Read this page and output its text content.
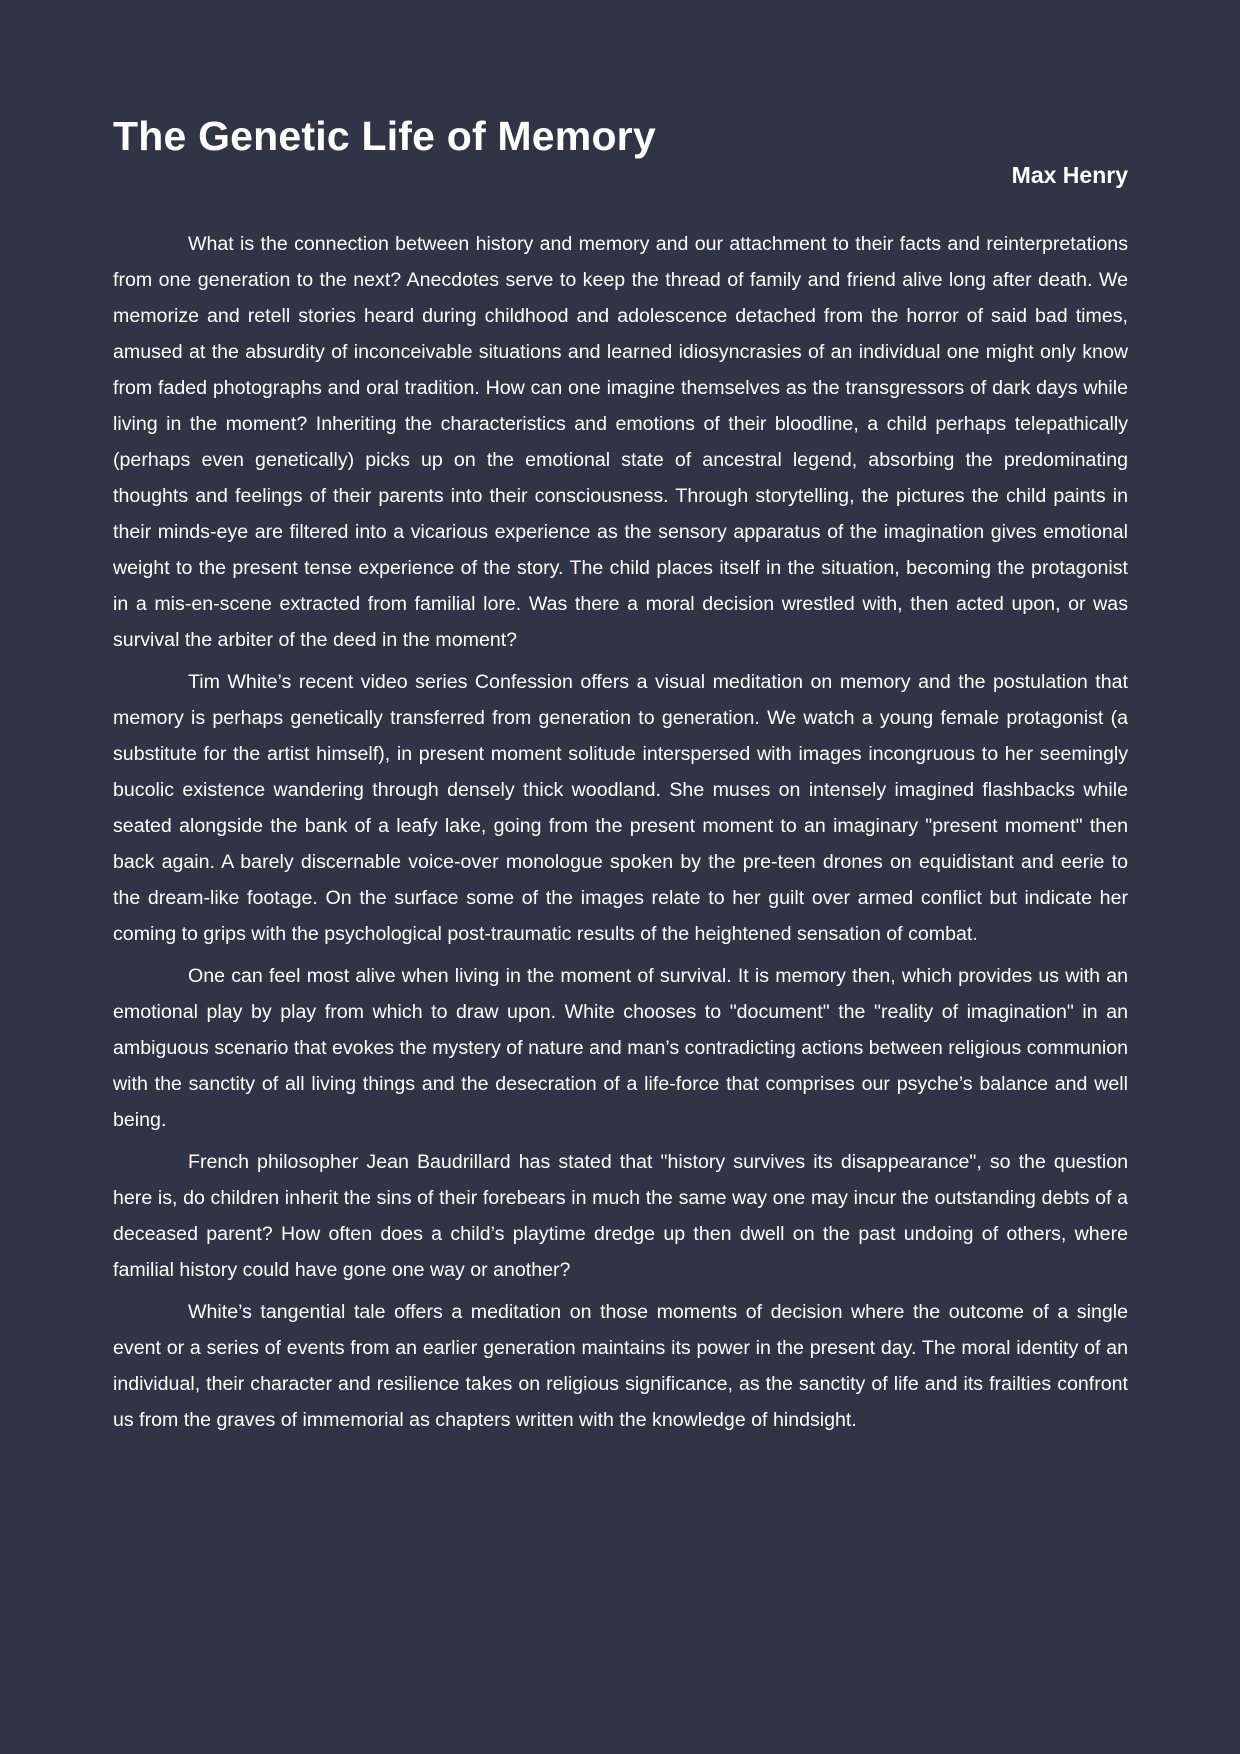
The Genetic Life of Memory
Max Henry

What is the connection between history and memory and our attachment to their facts and reinterpretations from one generation to the next? Anecdotes serve to keep the thread of family and friend alive long after death. We memorize and retell stories heard during childhood and adolescence detached from the horror of said bad times, amused at the absurdity of inconceivable situations and learned idiosyncrasies of an individual one might only know from faded photographs and oral tradition. How can one imagine themselves as the transgressors of dark days while living in the moment? Inheriting the characteristics and emotions of their bloodline, a child perhaps telepathically (perhaps even genetically) picks up on the emotional state of ancestral legend, absorbing the predominating thoughts and feelings of their parents into their consciousness. Through storytelling, the pictures the child paints in their minds-eye are filtered into a vicarious experience as the sensory apparatus of the imagination gives emotional weight to the present tense experience of the story. The child places itself in the situation, becoming the protagonist in a mis-en-scene extracted from familial lore. Was there a moral decision wrestled with, then acted upon, or was survival the arbiter of the deed in the moment?

Tim White’s recent video series Confession offers a visual meditation on memory and the postulation that memory is perhaps genetically transferred from generation to generation. We watch a young female protagonist (a substitute for the artist himself), in present moment solitude interspersed with images incongruous to her seemingly bucolic existence wandering through densely thick woodland. She muses on intensely imagined flashbacks while seated alongside the bank of a leafy lake, going from the present moment to an imaginary "present moment" then back again. A barely discernable voice-over monologue spoken by the pre-teen drones on equidistant and eerie to the dream-like footage. On the surface some of the images relate to her guilt over armed conflict but indicate her coming to grips with the psychological post-traumatic results of the heightened sensation of combat.

One can feel most alive when living in the moment of survival. It is memory then, which provides us with an emotional play by play from which to draw upon. White chooses to "document" the "reality of imagination" in an ambiguous scenario that evokes the mystery of nature and man’s contradicting actions between religious communion with the sanctity of all living things and the desecration of a life-force that comprises our psyche’s balance and well being.

French philosopher Jean Baudrillard has stated that "history survives its disappearance", so the question here is, do children inherit the sins of their forebears in much the same way one may incur the outstanding debts of a deceased parent? How often does a child’s playtime dredge up then dwell on the past undoing of others, where familial history could have gone one way or another?

White’s tangential tale offers a meditation on those moments of decision where the outcome of a single event or a series of events from an earlier generation maintains its power in the present day. The moral identity of an individual, their character and resilience takes on religious significance, as the sanctity of life and its frailties confront us from the graves of immemorial as chapters written with the knowledge of hindsight.
